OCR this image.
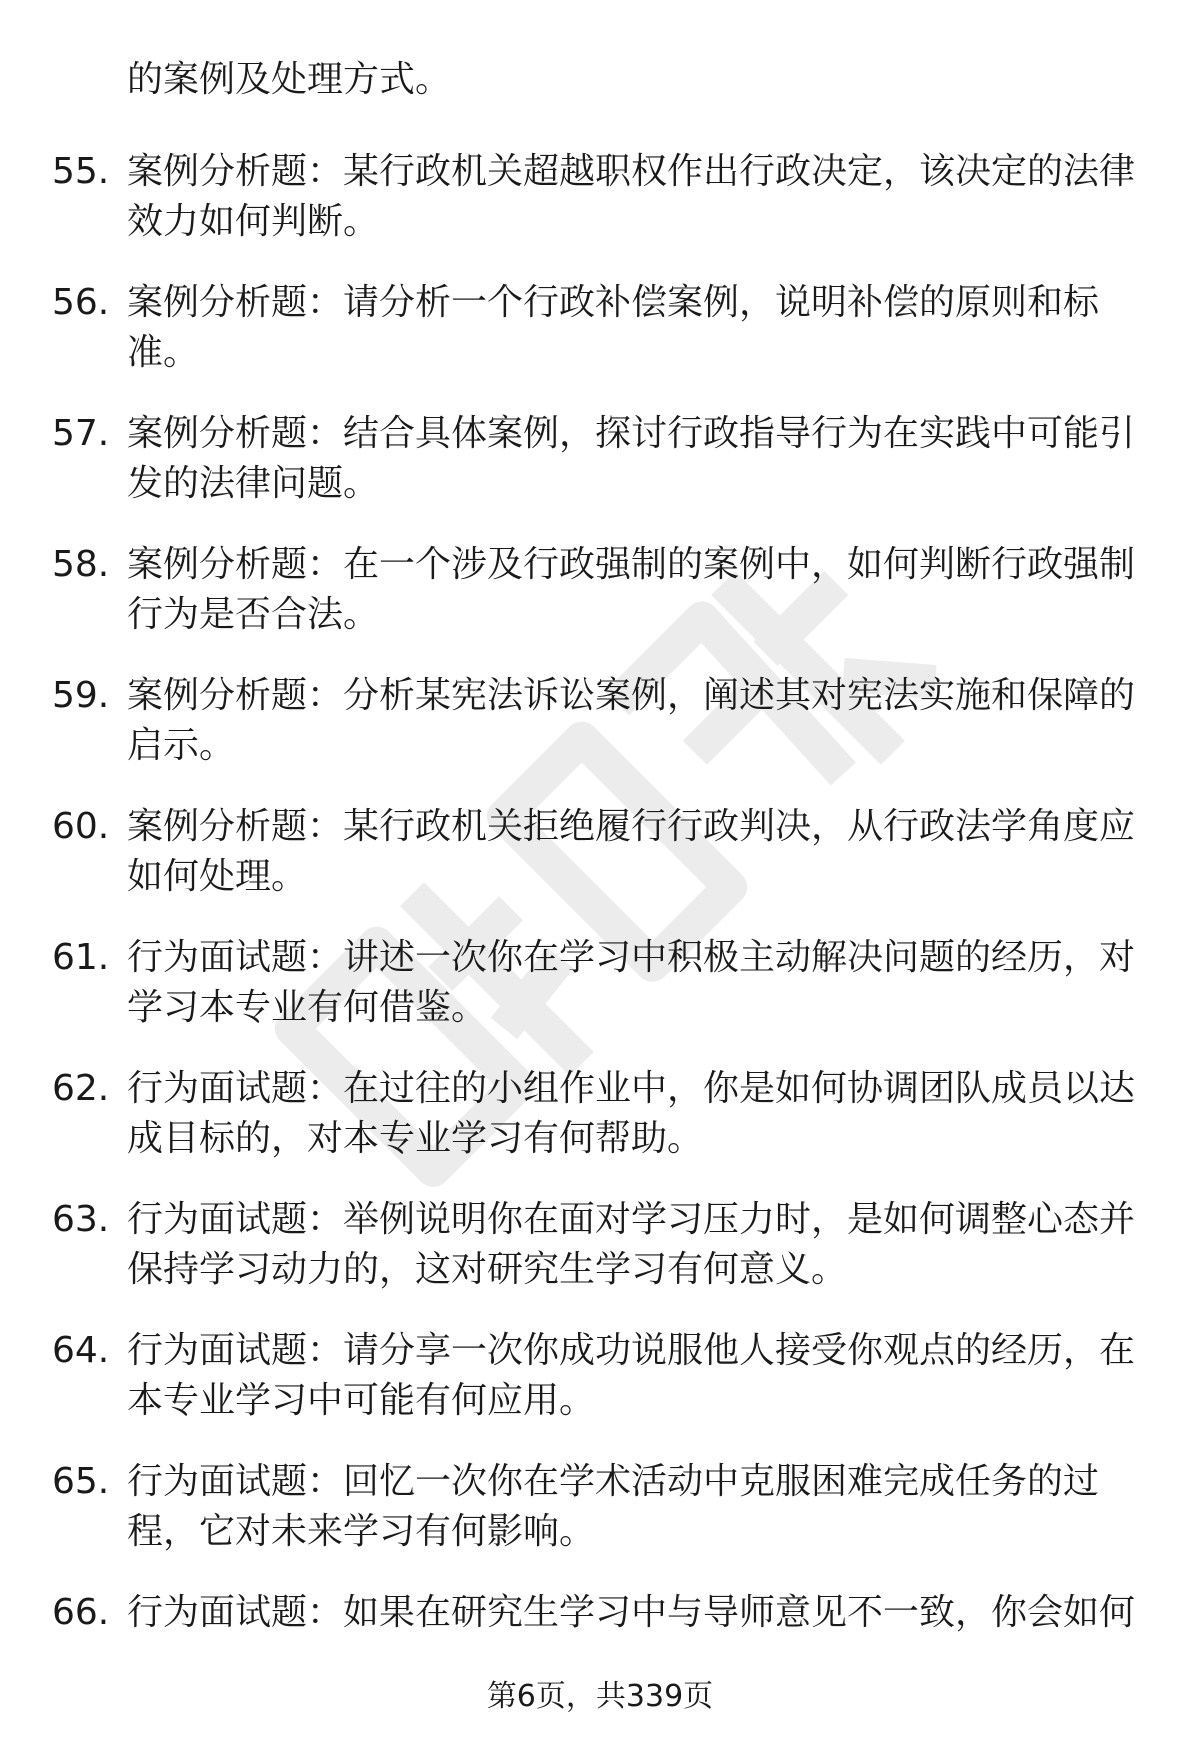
的案例及处理方式。
55. 案例分析题：某行政机关超越职权作出行政决定，该决定的法律
效力如何判断。
56. 案例分析题：请分析一个行政补偿案例，说明补偿的原则和标
准。
57. 案例分析题：结合具体案例，探讨行政指导行为在实践中可能引
发的法律问题。
58. 案例分析题：在一个涉及行政强制的案例中，如何判断行政强制
行为是否合法。
59. 案例分析题：分析某宪法诉讼案例，阐述其对宪法实施和保障的
启示。
60. 案例分析题：某行政机关拒绝履行行政判决，从行政法学角度应
如何处理。
61. 行为面试题：讲述一次你在学习中积极主动解决问题的经历，对
学习本专业有何借鉴。
62. 行为面试题：在过往的小组作业中，你是如何协调团队成员以达
成目标的，对本专业学习有何帮助。
63. 行为面试题：举例说明你在面对学习压力时，是如何调整心态并
保持学习动力的，这对研究生学习有何意义。
64. 行为面试题：请分享一次你成功说服他人接受你观点的经历，在
本专业学习中可能有何应用。
65. 行为面试题：回忆一次你在学术活动中克服困难完成任务的过
程，它对未来学习有何影响。
66. 行为面试题：如果在研究生学习中与导师意见不一致，你会如何
第6页，共339页
